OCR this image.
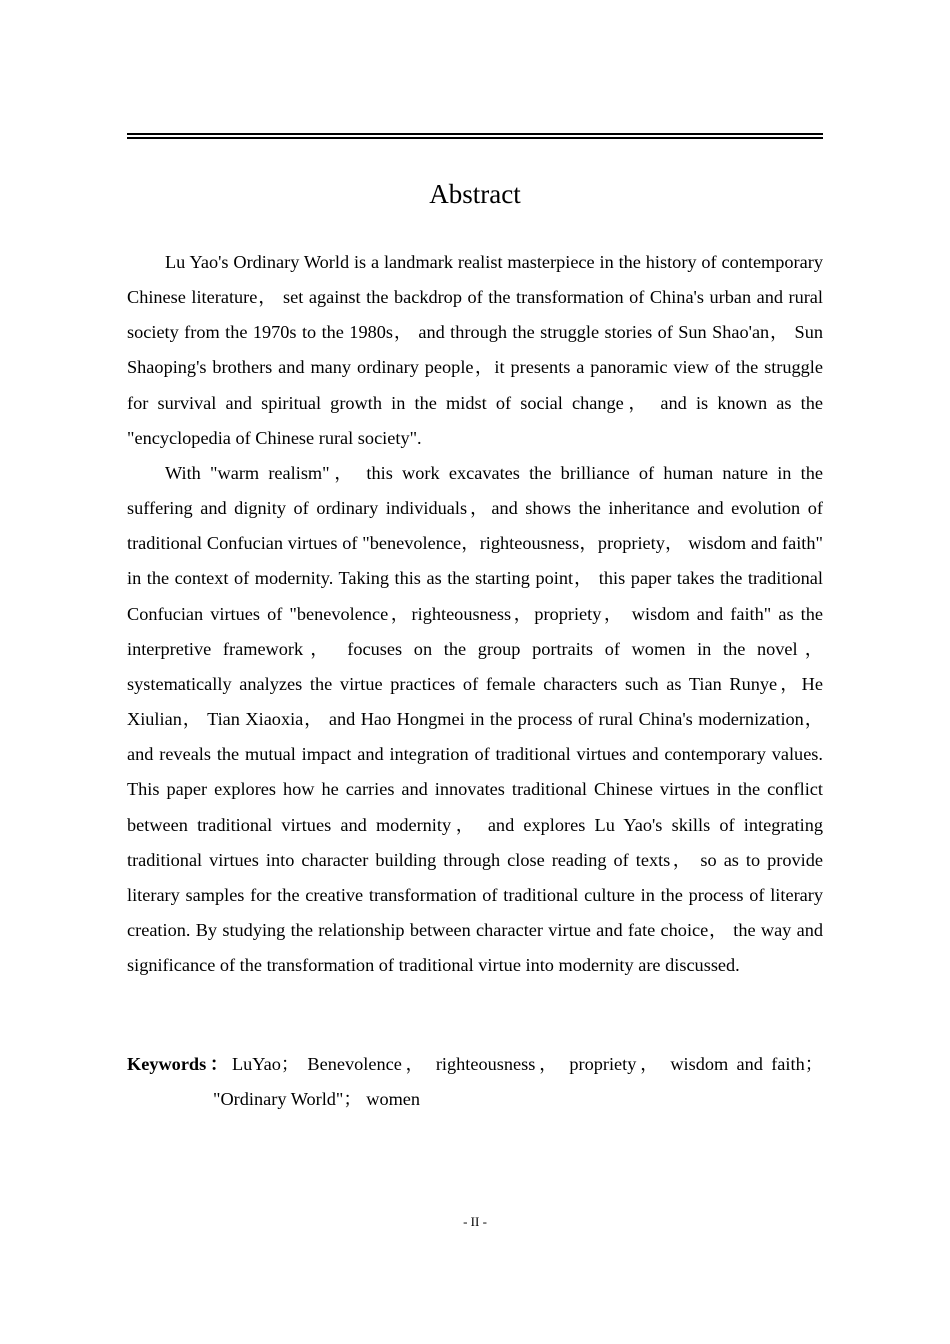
Abstract

Lu Yao's Ordinary World is a landmark realist masterpiece in the history of contemporary Chinese literature， set against the backdrop of the transformation of China's urban and rural society from the 1970s to the 1980s， and through the struggle stories of Sun Shao'an， Sun Shaoping's brothers and many ordinary people，it presents a panoramic view of the struggle for survival and spiritual growth in the midst of social change， and is known as the "encyclopedia of Chinese rural society".

With "warm realism"， this work excavates the brilliance of human nature in the suffering and dignity of ordinary individuals，and shows the inheritance and evolution of traditional Confucian virtues of "benevolence，righteousness，propriety， wisdom and faith" in the context of modernity. Taking this as the starting point， this paper takes the traditional Confucian virtues of "benevolence，righteousness，propriety， wisdom and faith" as the interpretive framework， focuses on the group portraits of women in the novel， systematically analyzes the virtue practices of female characters such as Tian Runye，He Xiulian， Tian Xiaoxia， and Hao Hongmei in the process of rural China's modernization， and reveals the mutual impact and integration of traditional virtues and contemporary values. This paper explores how he carries and innovates traditional Chinese virtues in the conflict between traditional virtues and modernity， and explores Lu Yao's skills of integrating traditional virtues into character building through close reading of texts， so as to provide literary samples for the creative transformation of traditional culture in the process of literary creation. By studying the relationship between character virtue and fate choice， the way and significance of the transformation of traditional virtue into modernity are discussed.

Keywords：LuYao； Benevolence， righteousness， propriety， wisdom and faith； "Ordinary World"； women
- II -
